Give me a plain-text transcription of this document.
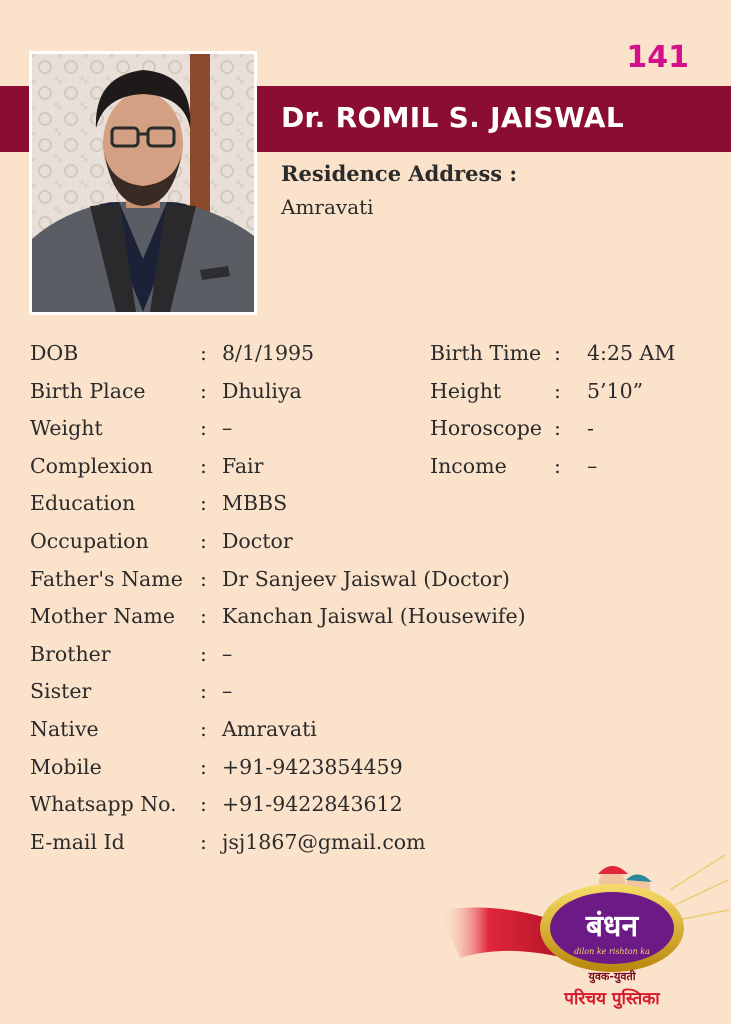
141
Dr. ROMIL S. JAISWAL
Residence Address :
Amravati
DOB	: 8/1/1995	Birth Time : 4:25 AM
Birth Place	: Dhuliya	Height	: 5’10”
Weight	: –	Horoscope : -
Complexion : Fair	Income : –
Education	: MBBS
Occupation	: Doctor
Father's Name : Dr Sanjeev Jaiswal (Doctor)
Mother Name : Kanchan Jaiswal (Housewife)
Brother	: –
Sister	: –
Native	: Amravati
Mobile	: +91-9423854459
Whatsapp No. : +91-9422843612
E-mail Id	: jsj1867@gmail.com
बंधन
dilon ke rishton ka
युवक-युवती
परिचय पुस्तिका
